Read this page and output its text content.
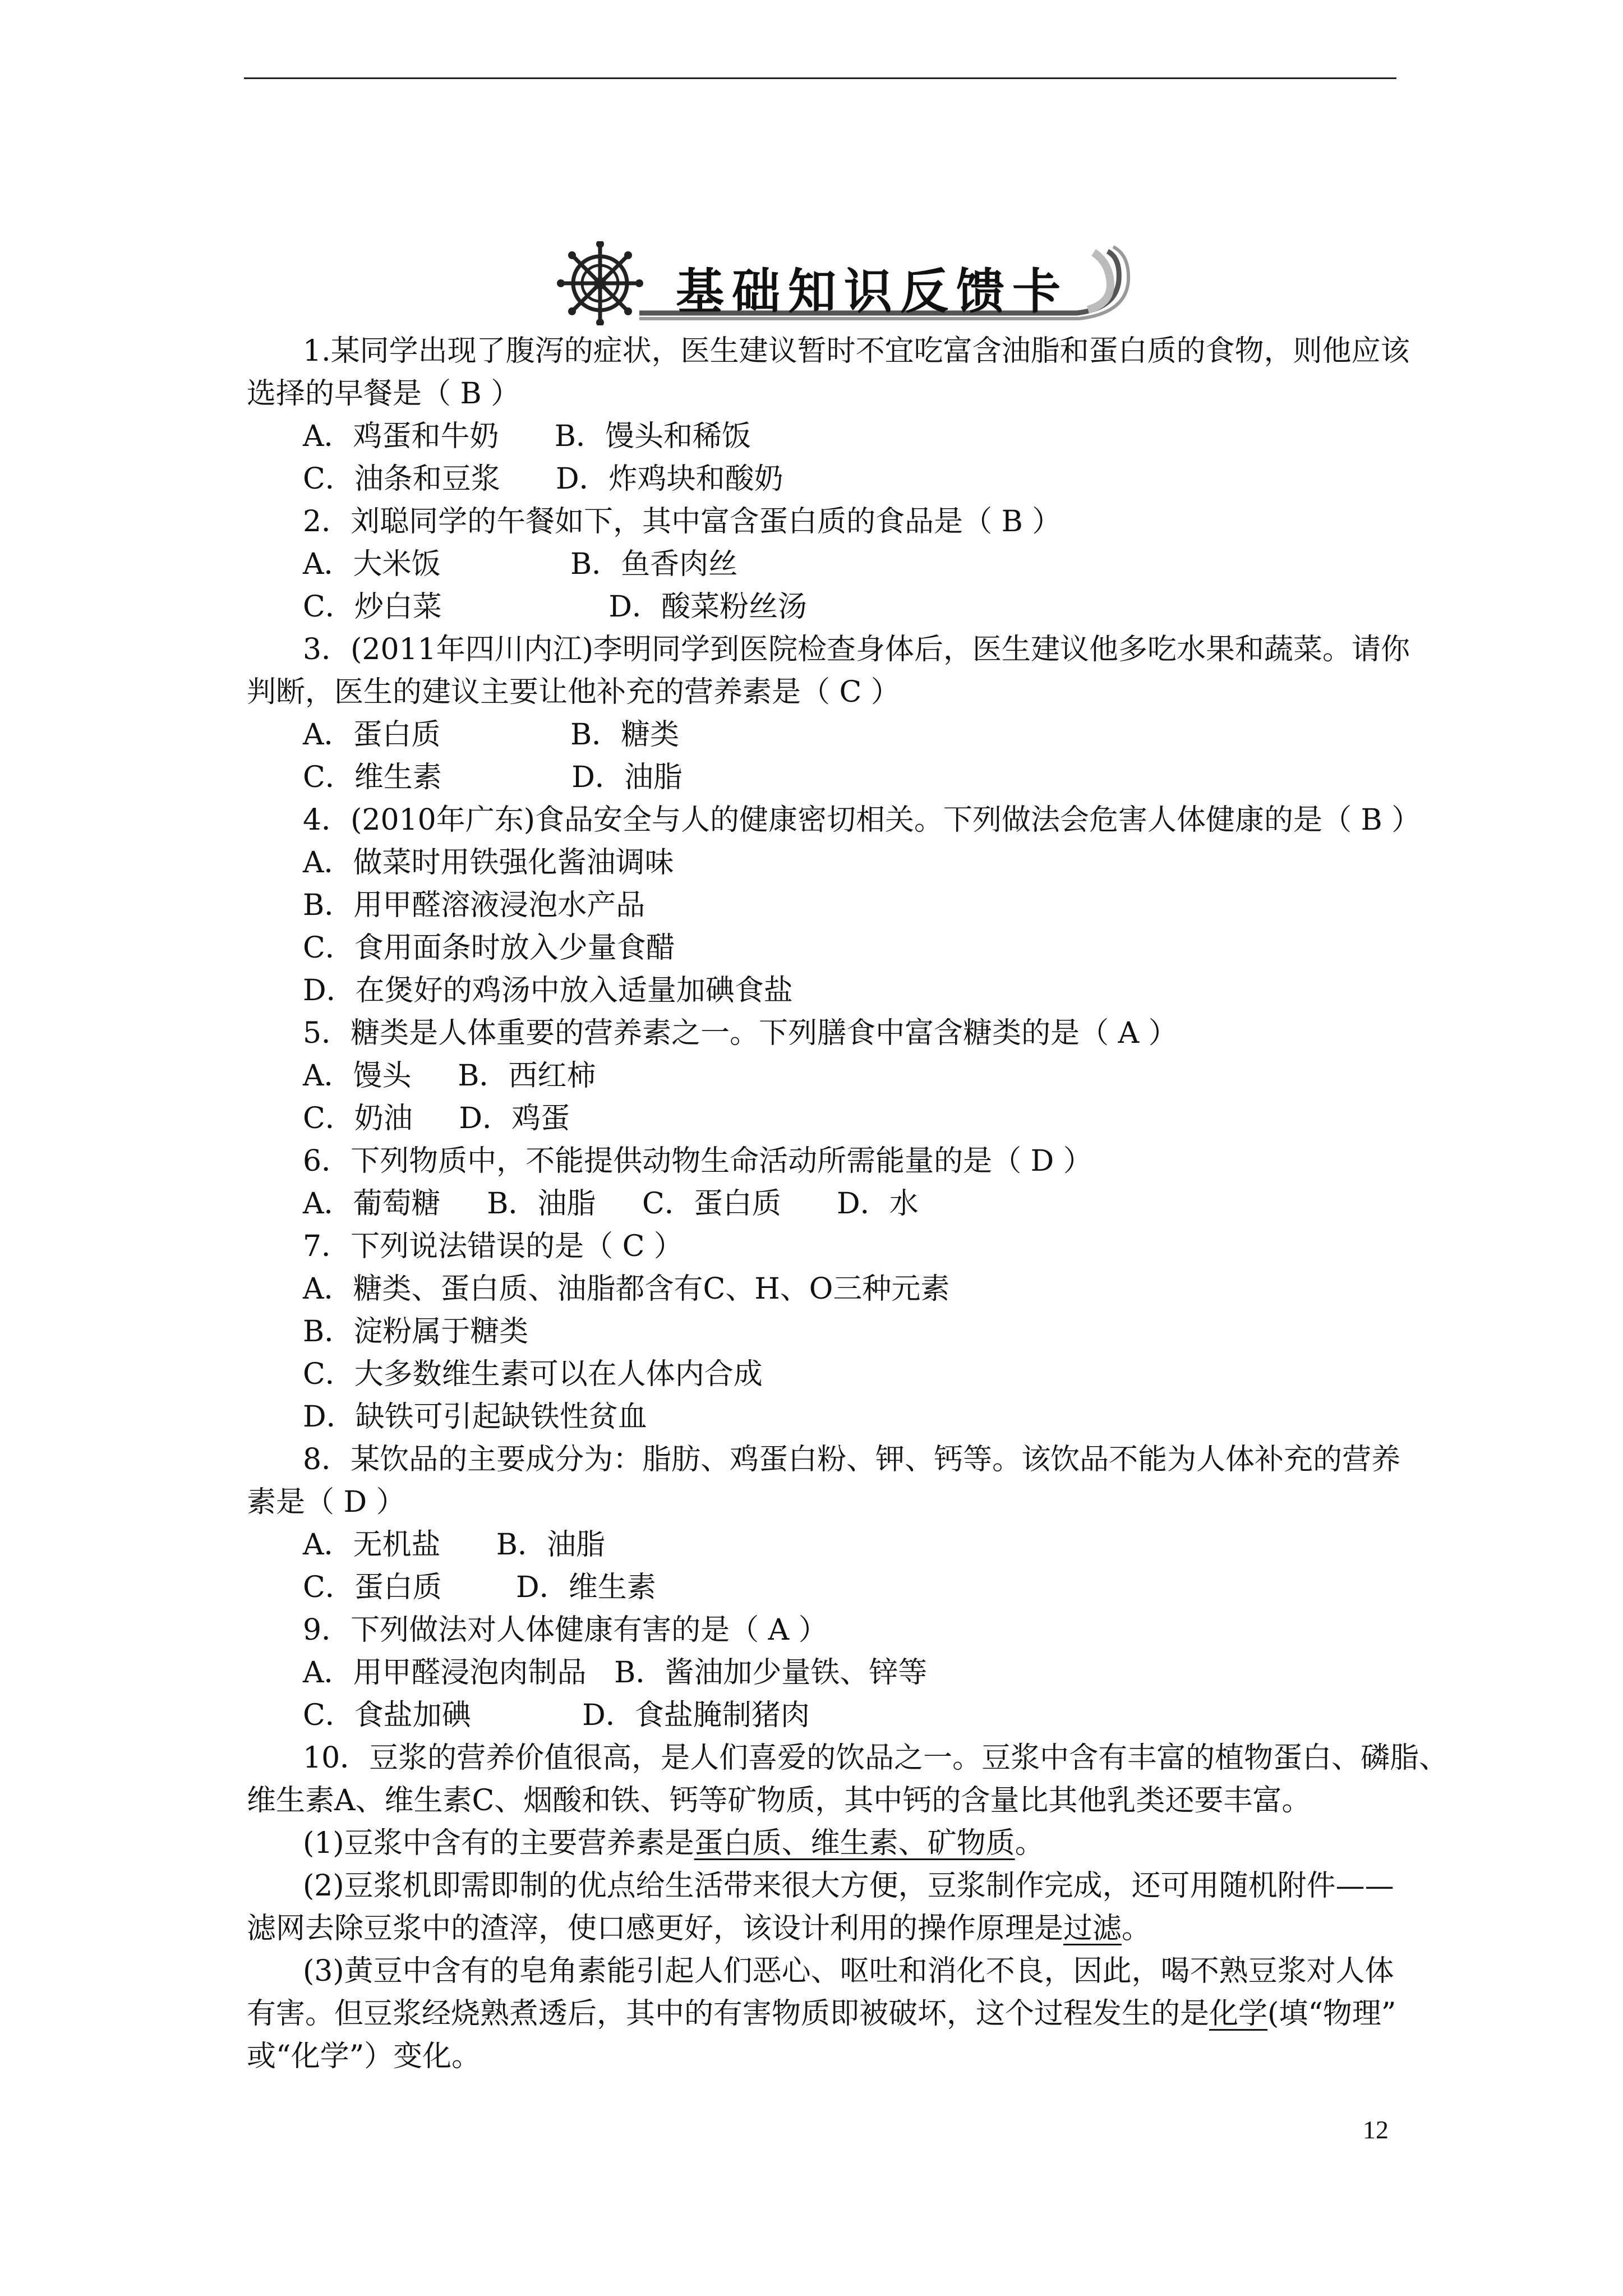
基础知识反馈卡
1.某同学出现了腹泻的症状，医生建议暂时不宜吃富含油脂和蛋白质的食物，则他应该
选择的早餐是（ B ）
A．鸡蛋和牛奶      B．馒头和稀饭
C．油条和豆浆      D．炸鸡块和酸奶
2．刘聪同学的午餐如下，其中富含蛋白质的食品是（ B ）
A．大米饭              B．鱼香肉丝
C．炒白菜                  D．酸菜粉丝汤
3．(2011年四川内江)李明同学到医院检查身体后，医生建议他多吃水果和蔬菜。请你
判断，医生的建议主要让他补充的营养素是（ C ）
A．蛋白质              B．糖类
C．维生素              D．油脂
4．(2010年广东)食品安全与人的健康密切相关。下列做法会危害人体健康的是（ B ）
A．做菜时用铁强化酱油调味
B．用甲醛溶液浸泡水产品
C．食用面条时放入少量食醋
D．在煲好的鸡汤中放入适量加碘食盐
5．糖类是人体重要的营养素之一。下列膳食中富含糖类的是（ A ）
A．馒头     B．西红柿
C．奶油     D．鸡蛋
6．下列物质中，不能提供动物生命活动所需能量的是（ D ）
A．葡萄糖     B．油脂     C．蛋白质      D．水
7．下列说法错误的是（ C ）
A．糖类、蛋白质、油脂都含有C、H、O三种元素
B．淀粉属于糖类
C．大多数维生素可以在人体内合成
D．缺铁可引起缺铁性贫血
8．某饮品的主要成分为：脂肪、鸡蛋白粉、钾、钙等。该饮品不能为人体补充的营养
素是（ D ）
A．无机盐      B．油脂
C．蛋白质        D．维生素
9．下列做法对人体健康有害的是（ A ）
A．用甲醛浸泡肉制品   B．酱油加少量铁、锌等
C．食盐加碘            D．食盐腌制猪肉
10．豆浆的营养价值很高，是人们喜爱的饮品之一。豆浆中含有丰富的植物蛋白、磷脂、
维生素A、维生素C、烟酸和铁、钙等矿物质，其中钙的含量比其他乳类还要丰富。
(1)豆浆中含有的主要营养素是蛋白质、维生素、矿物质。
(2)豆浆机即需即制的优点给生活带来很大方便，豆浆制作完成，还可用随机附件——
滤网去除豆浆中的渣滓，使口感更好，该设计利用的操作原理是过滤。
(3)黄豆中含有的皂角素能引起人们恶心、呕吐和消化不良，因此，喝不熟豆浆对人体
有害。但豆浆经烧熟煮透后，其中的有害物质即被破坏，这个过程发生的是化学(填“物理”
或“化学”）变化。
12
